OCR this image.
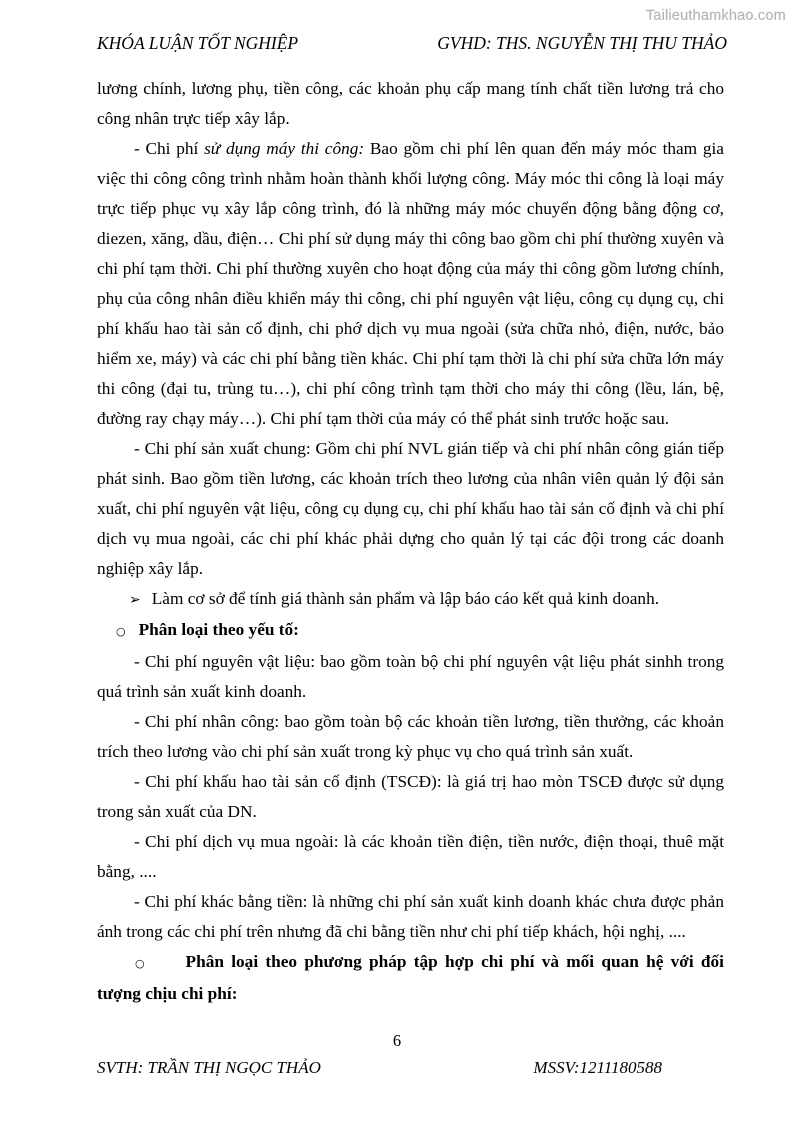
Tailieuthamkhao.com
KHÓA LUẬN TỐT NGHIỆP	GVHD: THS. NGUYỄN THỊ THU THẢO

lương chính, lương phụ, tiền công, các khoản phụ cấp mang tính chất tiền lương trả cho công nhân trực tiếp xây lắp.

- Chi phí sử dụng máy thi công: Bao gồm chi phí lên quan đến máy móc tham gia việc thi công công trình nhằm hoàn thành khối lượng công. Máy móc thi công là loại máy trực tiếp phục vụ xây lắp công trình, đó là những máy móc chuyển động bằng động cơ, diezen, xăng, dầu, điện… Chi phí sử dụng máy thi công bao gồm chi phí thường xuyên và chi phí tạm thời. Chi phí thường xuyên cho hoạt động của máy thi công gồm lương chính, phụ của công nhân điều khiển máy thi công, chi phí nguyên vật liệu, công cụ dụng cụ, chi phí khấu hao tài sản cố định, chi phớ dịch vụ mua ngoài (sửa chữa nhỏ, điện, nước, bảo hiểm xe, máy) và các chi phí bằng tiền khác. Chi phí tạm thời là chi phí sửa chữa lớn máy thi công (đại tu, trùng tu…), chi phí công trình tạm thời cho máy thi công (lều, lán, bệ, đường ray chạy máy…). Chi phí tạm thời của máy có thể phát sinh trước hoặc sau.

- Chi phí sản xuất chung: Gồm chi phí NVL gián tiếp và chi phí nhân công gián tiếp phát sinh. Bao gồm tiền lương, các khoản trích theo lương của nhân viên quản lý đội sản xuất, chi phí nguyên vật liệu, công cụ dụng cụ, chi phí khấu hao tài sản cố định và chi phí dịch vụ mua ngoài, các chi phí khác phải dựng cho quản lý tại các đội trong các doanh nghiệp xây lắp.

➢ Làm cơ sở để tính giá thành sản phẩm và lập báo cáo kết quả kinh doanh.

○ Phân loại theo yếu tố:

- Chi phí nguyên vật liệu: bao gồm toàn bộ chi phí nguyên vật liệu phát sinhh trong quá trình sản xuất kinh doanh.

- Chi phí nhân công: bao gồm toàn bộ các khoản tiền lương, tiền thưởng, các khoản trích theo lương vào chi phí sản xuất trong kỳ phục vụ cho quá trình sản xuất.

- Chi phí khấu hao tài sản cố định (TSCĐ): là giá trị hao mòn TSCĐ được sử dụng trong sản xuất của DN.

- Chi phí dịch vụ mua ngoài: là các khoản tiền điện, tiền nước, điện thoại, thuê mặt bằng, ....

- Chi phí khác bằng tiền: là những chi phí sản xuất kinh doanh khác chưa được phản ánh trong các chi phí trên nhưng đã chi bằng tiền như chi phí tiếp khách, hội nghị, ....

○ Phân loại theo phương pháp tập hợp chi phí và mối quan hệ với đối tượng chịu chi phí:

6
SVTH: TRẦN THỊ NGỌC THẢO	MSSV:1211180588
